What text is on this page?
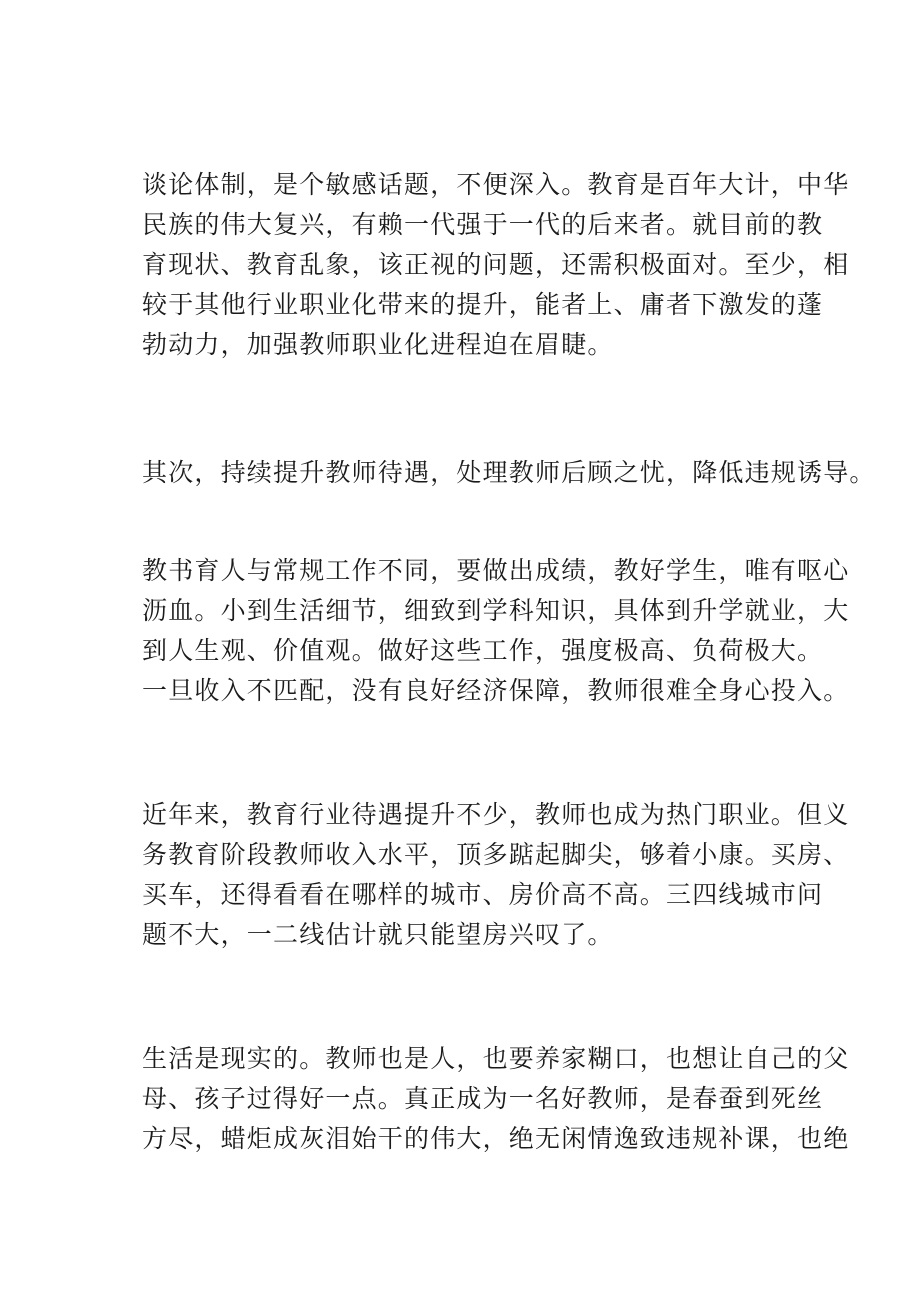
谈论体制，是个敏感话题，不便深入。教育是百年大计，中华
民族的伟大复兴，有赖一代强于一代的后来者。就目前的教
育现状、教育乱象，该正视的问题，还需积极面对。至少，相
较于其他行业职业化带来的提升，能者上、庸者下激发的蓬
勃动力，加强教师职业化进程迫在眉睫。
其次，持续提升教师待遇，处理教师后顾之忧，降低违规诱导。
教书育人与常规工作不同，要做出成绩，教好学生，唯有呕心
沥血。小到生活细节，细致到学科知识，具体到升学就业，大
到人生观、价值观。做好这些工作，强度极高、负荷极大。
一旦收入不匹配，没有良好经济保障，教师很难全身心投入。
近年来，教育行业待遇提升不少，教师也成为热门职业。但义
务教育阶段教师收入水平，顶多踮起脚尖，够着小康。买房、
买车，还得看看在哪样的城市、房价高不高。三四线城市问
题不大，一二线估计就只能望房兴叹了。
生活是现实的。教师也是人，也要养家糊口，也想让自己的父
母、孩子过得好一点。真正成为一名好教师，是春蚕到死丝
方尽，蜡炬成灰泪始干的伟大，绝无闲情逸致违规补课，也绝
